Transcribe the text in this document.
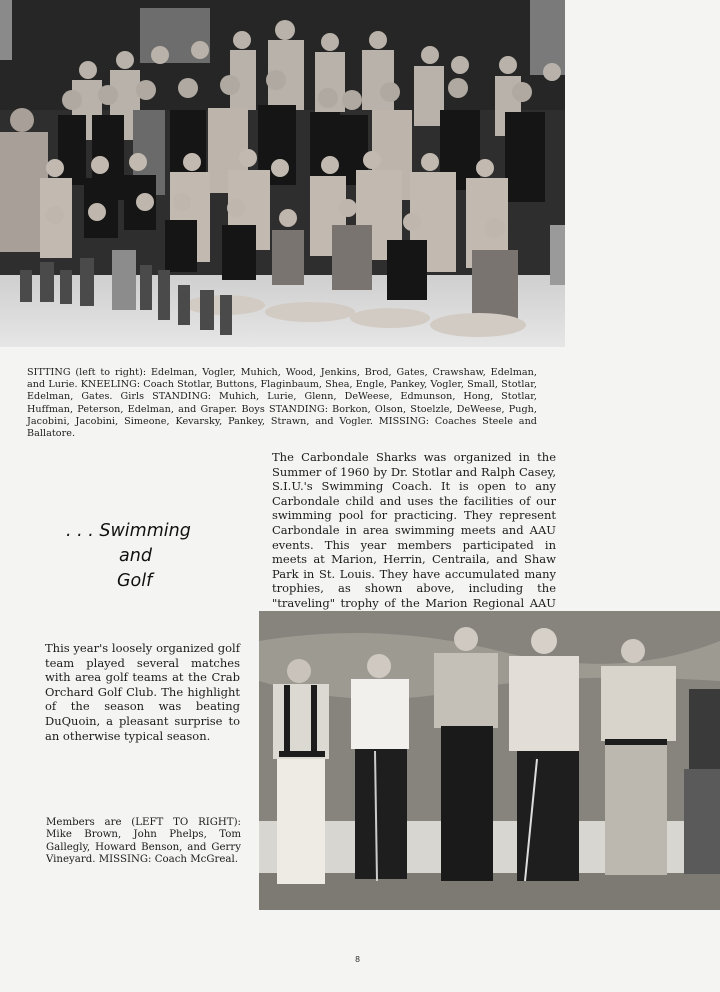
SITTING (left to right): Edelman, Vogler, Muhich, Wood, Jenkins, Brod, Gates, Crawshaw, Edelman, and Lurie. KNEELING: Coach Stotlar, Buttons, Flaginbaum, Shea, Engle, Pankey, Vogler, Small, Stotlar, Edelman, Gates. Girls STANDING: Muhich, Lurie, Glenn, DeWeese, Edmunson, Hong, Stotlar, Huffman, Peterson, Edelman, and Graper. Boys STANDING: Borkon, Olson, Stoelzle, DeWeese, Pugh, Jacobini, Jacobini, Simeone, Kevarsky, Pankey, Strawn, and Vogler. MISSING: Coaches Steele and Ballatore.

The Carbondale Sharks was organized in the Summer of 1960 by Dr. Stotlar and Ralph Casey, S.I.U.'s Swimming Coach. It is open to any Carbondale child and uses the facilities of our swimming pool for practicing. They represent Carbondale in area swimming meets and AAU events. This year members participated in meets at Marion, Herrin, Centraila, and Shaw Park in St. Louis. They have accumulated many trophies, as shown above, including the "traveling" trophy of the Marion Regional AAU

. . . Swimming
and
Golf

This year's loosely organized golf team played several matches with area golf teams at the Crab Orchard Golf Club. The highlight of the season was beating DuQuoin, a pleasant surprise to an otherwise typical season.

Members are (LEFT TO RIGHT): Mike Brown, John Phelps, Tom Gallegly, Howard Benson, and Gerry Vineyard. MISSING: Coach McGreal.

8
